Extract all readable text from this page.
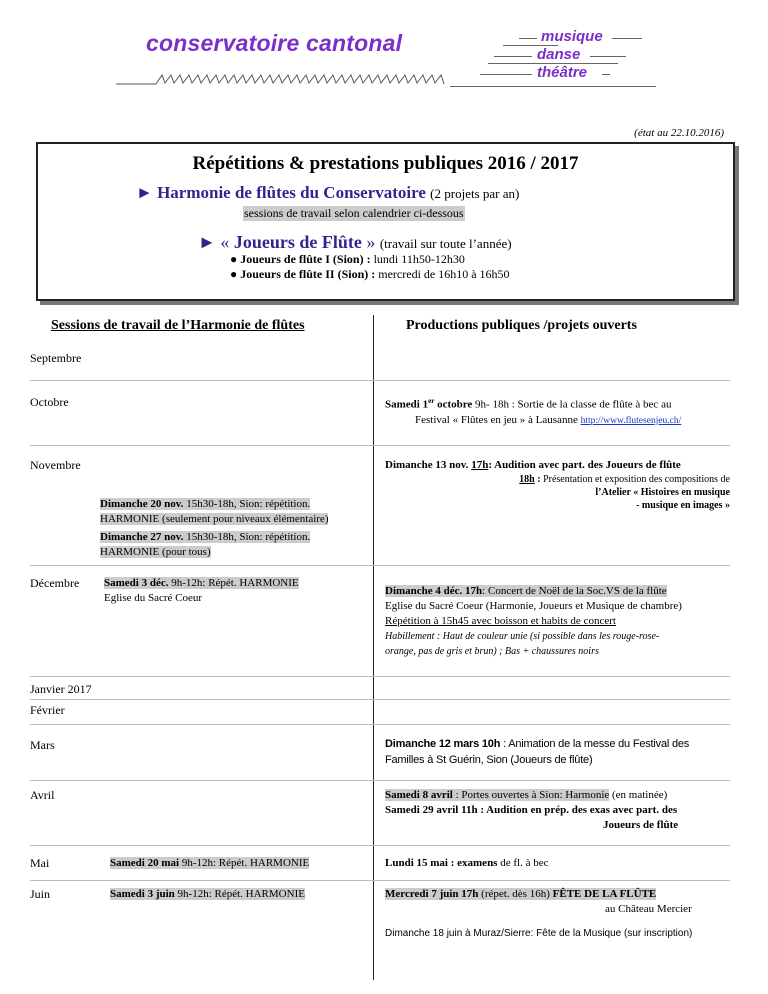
conservatoire cantonal	musique
danse
théâtre
(état au 22.10.2016)
Répétitions & prestations publiques 2016 / 2017
► Harmonie de flûtes du Conservatoire (2 projets par an)
sessions de travail selon calendrier ci-dessous
► « Joueurs de Flûte » (travail sur toute l’année)
● Joueurs de flûte I (Sion) : lundi 11h50-12h30
● Joueurs de flûte II (Sion) : mercredi de 16h10 à 16h50
Sessions de travail de l’Harmonie de flûtes	Productions publiques /projets ouverts
Septembre
Octobre
Novembre
Décembre
Janvier 2017
Février
Mars
Avril
Mai
Juin
Dimanche 20 nov. 15h30-18h, Sion: répétition.
HARMONIE (seulement pour niveaux élémentaire)
Dimanche 27 nov. 15h30-18h, Sion: répétition.
HARMONIE (pour tous)
Samedi 3 déc. 9h-12h: Répét. HARMONIE
Eglise du Sacré Coeur
Samedi 20 mai 9h-12h: Répét. HARMONIE
Samedi 3 juin 9h-12h: Répét. HARMONIE
Samedi 1er octobre 9h- 18h : Sortie de la classe de flûte à bec au
Festival « Flûtes en jeu » à Lausanne http://www.flutesenjeu.ch/
Dimanche 13 nov. 17h: Audition avec part. des Joueurs de flûte
18h : Présentation et exposition des compositions de
l’Atelier « Histoires en musique
- musique en images »
Dimanche 4 déc. 17h: Concert de Noël de la Soc.VS de la flûte
Eglise du Sacré Coeur (Harmonie, Joueurs et Musique de chambre)
Répétition à 15h45 avec boisson et habits de concert
Habillement : Haut de couleur unie (si possible dans les rouge-rose-
orange, pas de gris et brun) ; Bas + chaussures noirs
Dimanche 12 mars 10h : Animation de la messe du Festival des
Familles à St Guérin, Sion (Joueurs de flûte)
Samedi 8 avril : Portes ouvertes à Sion: Harmonie (en matinée)
Samedi 29 avril 11h : Audition en prép. des exas avec part. des
Joueurs de flûte
Lundi 15 mai : examens de fl. à bec
Mercredi 7 juin 17h (répet. dès 16h) FÊTE DE LA FLÛTE
au Château Mercier
Dimanche 18 juin à Muraz/Sierre: Fête de la Musique (sur inscription)
